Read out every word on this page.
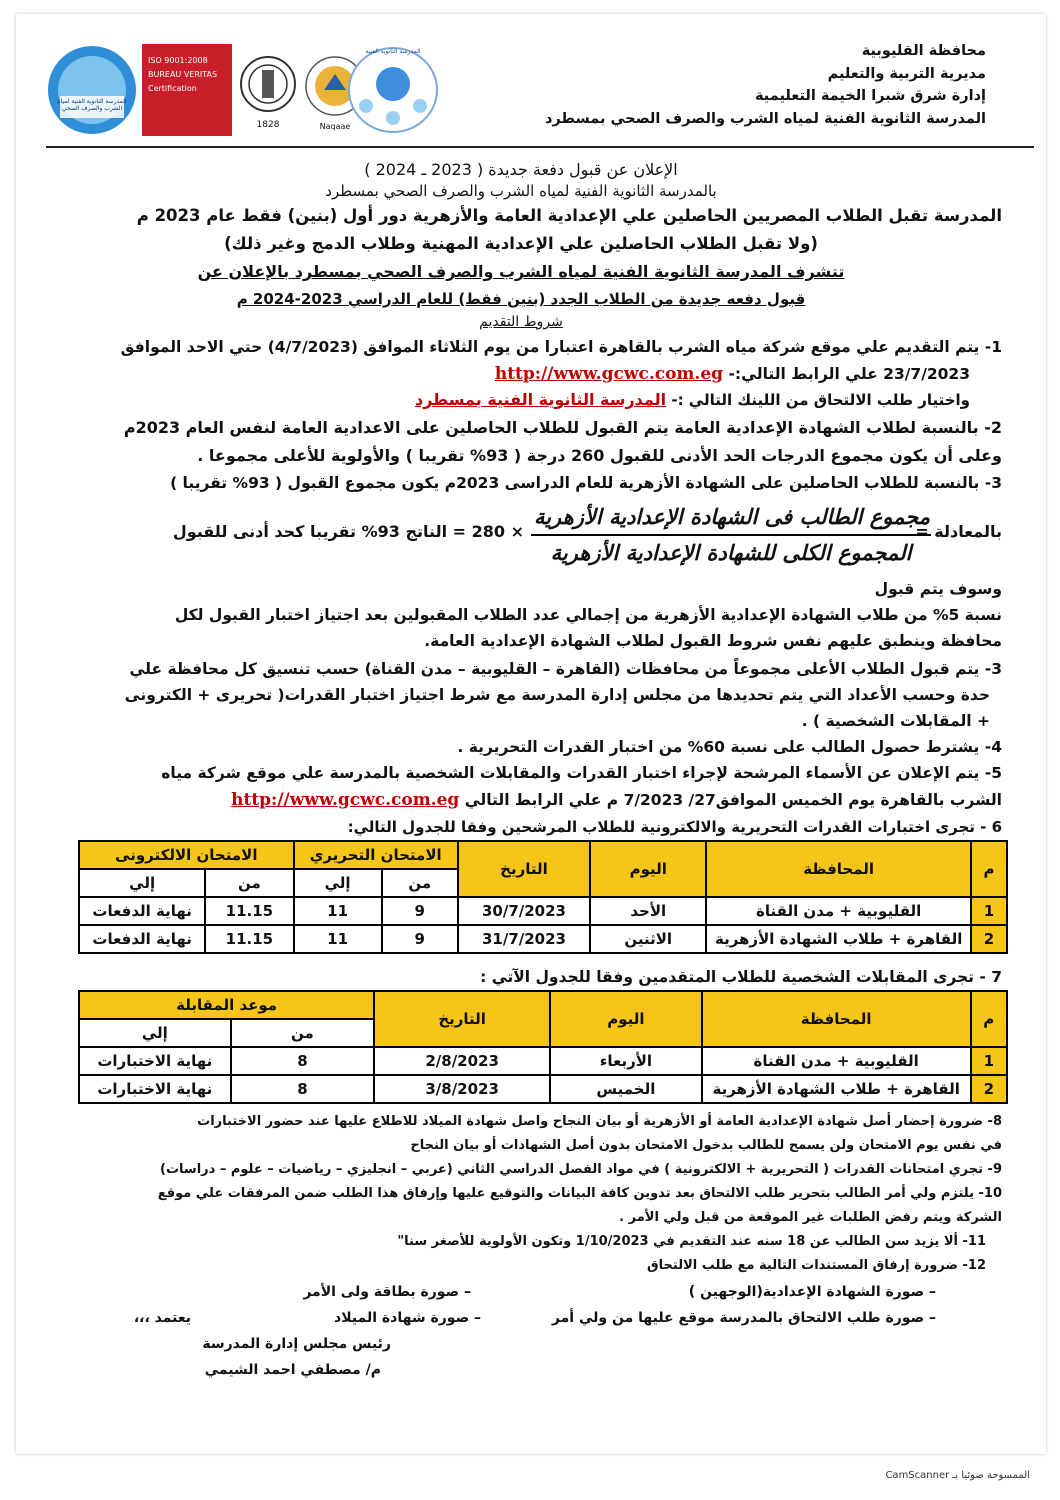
محافظة القليوبية
مديرية التربية والتعليم
إدارة شرق شبرا الخيمة التعليمية
المدرسة الثانوية الفنية لمياه الشرب والصرف الصحي بمسطرد
المدرسة الثانوية الفنية لمياه الشرب والصرف الصحي
ISO 9001:2008 BUREAU VERITAS Certification
1828	Naqaae
المدرسة الثانوية الفنية
الإعلان عن قبول دفعة جديدة ( 2023 ـ 2024 )
بالمدرسة الثانوية الفنية لمياه الشرب والصرف الصحي بمسطرد
المدرسة تقبل الطلاب المصريين الحاصلين علي الإعدادية العامة والأزهرية دور أول (بنين) فقط عام 2023 م
(ولا تقبل الطلاب الحاصلين علي الإعدادية المهنية وطلاب الدمج وغير ذلك)
تتشرف المدرسة الثانوية الفنية لمياه الشرب والصرف الصحي بمسطرد بالإعلان عن
قبول دفعه جديدة من الطلاب الجدد (بنين فقط) للعام الدراسي 2023-2024 م
شروط التقديم
1- يتم التقديم علي موقع شركة مياه الشرب بالقاهرة اعتبارا من يوم الثلاثاء الموافق (4/7/2023) حتي الاحد الموافق
23/7/2023 علي الرابط التالي:- http://www.gcwc.com.eg
واختيار طلب الالتحاق من اللينك التالي :- المدرسة الثانوية الفنية بمسطرد
2- بالنسبة لطلاب الشهادة الإعدادية العامة يتم القبول للطلاب الحاصلين على الاعدادية العامة لنفس العام 2023م
وعلى أن يكون مجموع الدرجات الحد الأدنى للقبول 260 درجة ( 93% تقريبا ) والأولوية للأعلى مجموعا .
3- بالنسبة للطلاب الحاصلين على الشهادة الأزهرية للعام الدراسى 2023م يكون مجموع القبول ( 93% تقريبا )
بالمعادلة =
مجموع الطالب فى الشهادة الإعدادية الأزهرية
المجموع الكلى للشهادة الإعدادية الأزهرية
× 280 = الناتج 93% تقريبا كحد أدنى للقبول
وسوف يتم قبول
نسبة 5% من طلاب الشهادة الإعدادية الأزهرية من إجمالي عدد الطلاب المقبولين بعد اجتياز اختبار القبول لكل
محافظة وينطبق عليهم نفس شروط القبول لطلاب الشهادة الإعدادية العامة.
3- يتم قبول الطلاب الأعلى مجموعاً من محافظات (القاهرة – القليوبية – مدن القناة) حسب تنسيق كل محافظة علي
حدة وحسب الأعداد التي يتم تحديدها من مجلس إدارة المدرسة مع شرط اجتياز اختبار القدرات( تحريرى + الكترونى
+ المقابلات الشخصية ) .
4- يشترط حصول الطالب على نسبة 60% من اختبار القدرات التحريرية .
5- يتم الإعلان عن الأسماء المرشحة لإجراء اختبار القدرات والمقابلات الشخصية بالمدرسة علي موقع شركة مياه
الشرب بالقاهرة يوم الخميس الموافق27/ 7/2023 م علي الرابط التالي http://www.gcwc.com.eg
6 - تجرى اختبارات القدرات التحريرية والالكترونية للطلاب المرشحين وفقا للجدول التالي:
م	المحافظة	اليوم	التاريخ	الامتحان التحريري		الامتحان الالكترونى	
				من	إلي	من	إلي
1	القليوبية + مدن القناة	الأحد	30/7/2023	9	11	11.15	نهاية الدفعات
2	القاهرة + طلاب الشهادة الأزهرية	الاثنين	31/7/2023	9	11	11.15	نهاية الدفعات
7 - تجرى المقابلات الشخصية للطلاب المتقدمين وفقا للجدول الآتي :
م	المحافظة	اليوم	التاريخ	موعد المقابلة	
				من	إلي
1	القليوبية + مدن القناة	الأربعاء	2/8/2023	8	نهاية الاختبارات
2	القاهرة + طلاب الشهادة الأزهرية	الخميس	3/8/2023	8	نهاية الاختبارات
8- ضرورة إحضار أصل شهادة الإعدادية العامة أو الأزهرية أو بيان النجاح واصل شهادة الميلاد للاطلاع عليها عند حضور الاختبارات
في نفس يوم الامتحان ولن يسمح للطالب بدخول الامتحان بدون أصل الشهادات أو بيان النجاح
9- تجري امتحانات القدرات ( التحريرية + الالكترونية ) في مواد الفصل الدراسي الثاني (عربي – انجليزي – رياضيات – علوم – دراسات)
10- يلتزم ولي أمر الطالب بتحرير طلب الالتحاق بعد تدوين كافة البيانات والتوقيع عليها وإرفاق هذا الطلب ضمن المرفقات علي موقع
الشركة ويتم رفض الطلبات غير الموقعة من قبل ولي الأمر .
11- ألا يزيد سن الطالب عن 18 سنه عند التقديم في 1/10/2023 وتكون الأولوية للأصغر سنا"
12- ضرورة إرفاق المستندات التالية مع طلب الالتحاق
– صورة الشهادة الإعدادية(الوجهين )
– صورة بطاقة ولى الأمر
– صورة طلب الالتحاق بالمدرسة موقع عليها من ولي أمر
– صورة شهادة الميلاد
يعتمد ،،،
رئيس مجلس إدارة المدرسة
م/ مصطفي احمد الشيمي
الممسوحة ضوئيا بـ CamScanner
